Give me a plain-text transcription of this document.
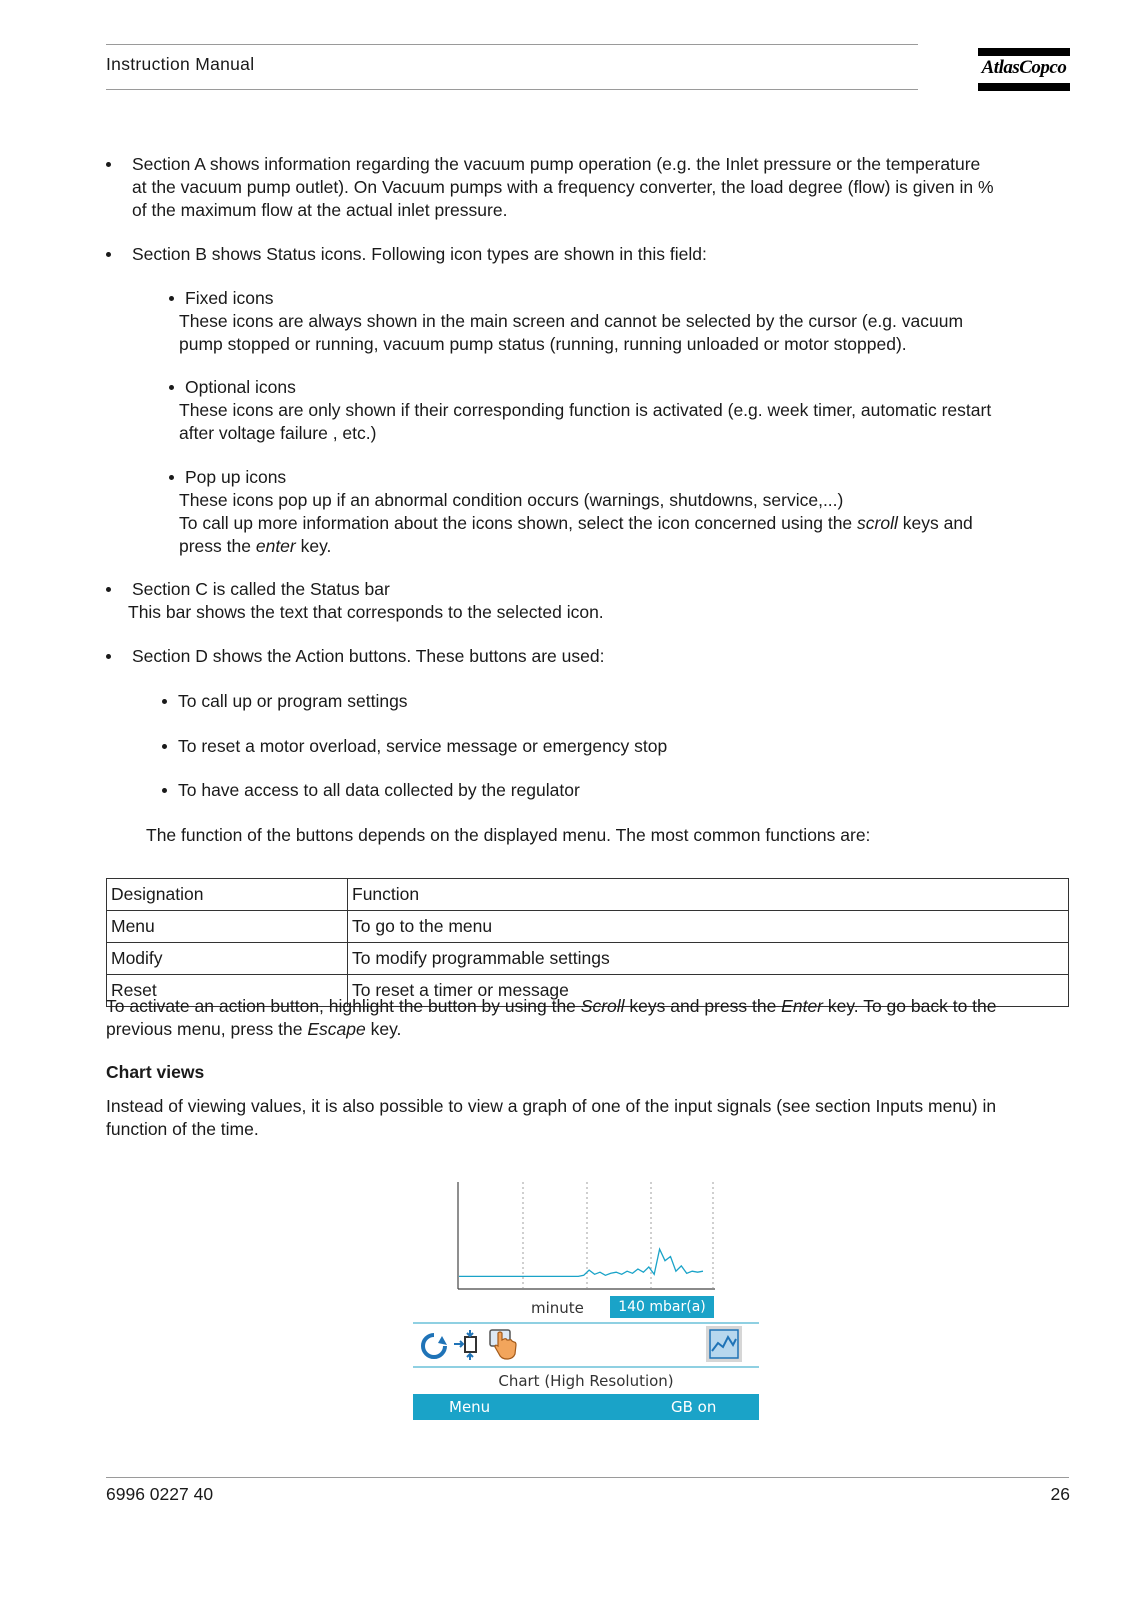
Instruction Manual	AtlasCopco
Section A shows information regarding the vacuum pump operation (e.g. the Inlet pressure or the temperature
at the vacuum pump outlet). On Vacuum pumps with a frequency converter, the load degree (flow) is given in %
of the maximum flow at the actual inlet pressure.
Section B shows Status icons. Following icon types are shown in this field:
Fixed icons
These icons are always shown in the main screen and cannot be selected by the cursor (e.g. vacuum
pump stopped or running, vacuum pump status (running, running unloaded or motor stopped).
Optional icons
These icons are only shown if their corresponding function is activated (e.g. week timer, automatic restart
after voltage failure , etc.)
Pop up icons
These icons pop up if an abnormal condition occurs (warnings, shutdowns, service,...)
To call up more information about the icons shown, select the icon concerned using the scroll keys and
press the enter key.
Section C is called the Status bar
This bar shows the text that corresponds to the selected icon.
Section D shows the Action buttons. These buttons are used:
To call up or program settings
To reset a motor overload, service message or emergency stop
To have access to all data collected by the regulator
The function of the buttons depends on the displayed menu. The most common functions are:
Designation	Function
Menu	To go to the menu
Modify	To modify programmable settings
Reset	To reset a timer or message
To activate an action button, highlight the button by using the Scroll keys and press the Enter key. To go back to the
previous menu, press the Escape key.
Chart views
Instead of viewing values, it is also possible to view a graph of one of the input signals (see section Inputs menu) in
function of the time.
minute	140 mbar(a)
Chart (High Resolution)
Menu	GB on
6996 0227 40	26
